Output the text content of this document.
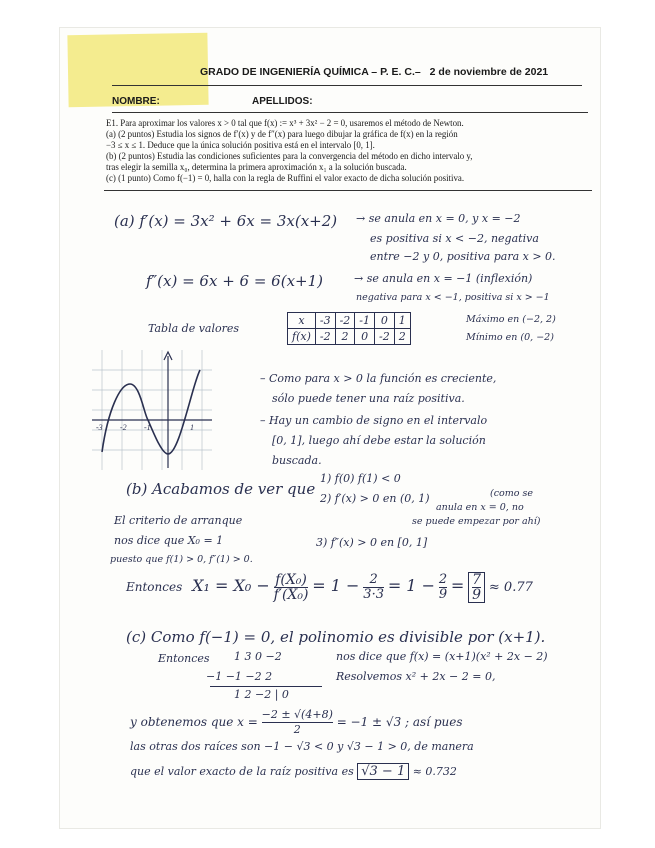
GRADO DE INGENIERÍA QUÍMICA – P. E. C.– 2 de noviembre de 2021
NOMBRE:	APELLIDOS:

E1. Para aproximar los valores x > 0 tal que f(x) := x³ + 3x² − 2 = 0, usaremos el método de Newton.

(a) (2 puntos) Estudia los signos de f′(x) y de f″(x) para luego dibujar la gráfica de f(x) en la región

−3 ≤ x ≤ 1. Deduce que la única solución positiva está en el intervalo [0, 1].

(b) (2 puntos) Estudia las condiciones suficientes para la convergencia del método en dicho intervalo y,

tras elegir la semilla x₀, determina la primera aproximación x₁ a la solución buscada.

(c) (1 punto) Como f(−1) = 0, halla con la regla de Ruffini el valor exacto de dicha solución positiva.

(a) f′(x) = 3x² + 6x = 3x(x+2) → se anula en x = 0, y x = −2
es positiva si x < −2, negativa
entre −2 y 0, positiva para x > 0.
f″(x) = 6x + 6 = 6(x+1)	→ se anula en x = −1 (inflexión)
negativa para x < −1, positiva si x > −1
Tabla de valores
x	-3	-2	-1	0	1
f(x)	-2	2	0	-2	2
Máximo en (−2, 2)
Mínimo en (0, −2)
-3 -2 -1	1
– Como para x > 0 la función es creciente,
sólo puede tener una raíz positiva.
– Hay un cambio de signo en el intervalo
[0, 1], luego ahí debe estar la solución
buscada.
(b) Acabamos de ver que
1) f(0) f(1) < 0
2) f′(x) > 0 en (0, 1)	(como se
anula en x = 0, no
se puede empezar por ahí)
El criterio de arranque
nos dice que X₀ = 1
puesto que f(1) > 0, f″(1) > 0.
3) f″(x) > 0 en [0, 1]
Entonces $X_1 = X_0 - \frac{\text{f(X₀)}}{\text{f′(X₀)}} = 1 - \frac{2}{3\cdot 3} = 1 - \frac{2}{9} = \frac{7}{9} \approx 0.77$
(c) Como f(−1) = 0, el polinomio es divisible por (x+1).
Entonces 1 3 0 −2	nos dice que f(x) = (x+1)(x² + 2x − 2)
−1 −1 −2 2	Resolvemos x² + 2x − 2 = 0,
1 2 −2 | 0
y obtenemos que $x = \frac{-2 \pm √(4+8)}{2} = -1 \pm √3$ ; así pues
las otras dos raíces son −1 − √3 < 0 y √3 − 1 > 0, de manera
que el valor exacto de la raíz positiva es √3 − 1 ≈ 0.732
